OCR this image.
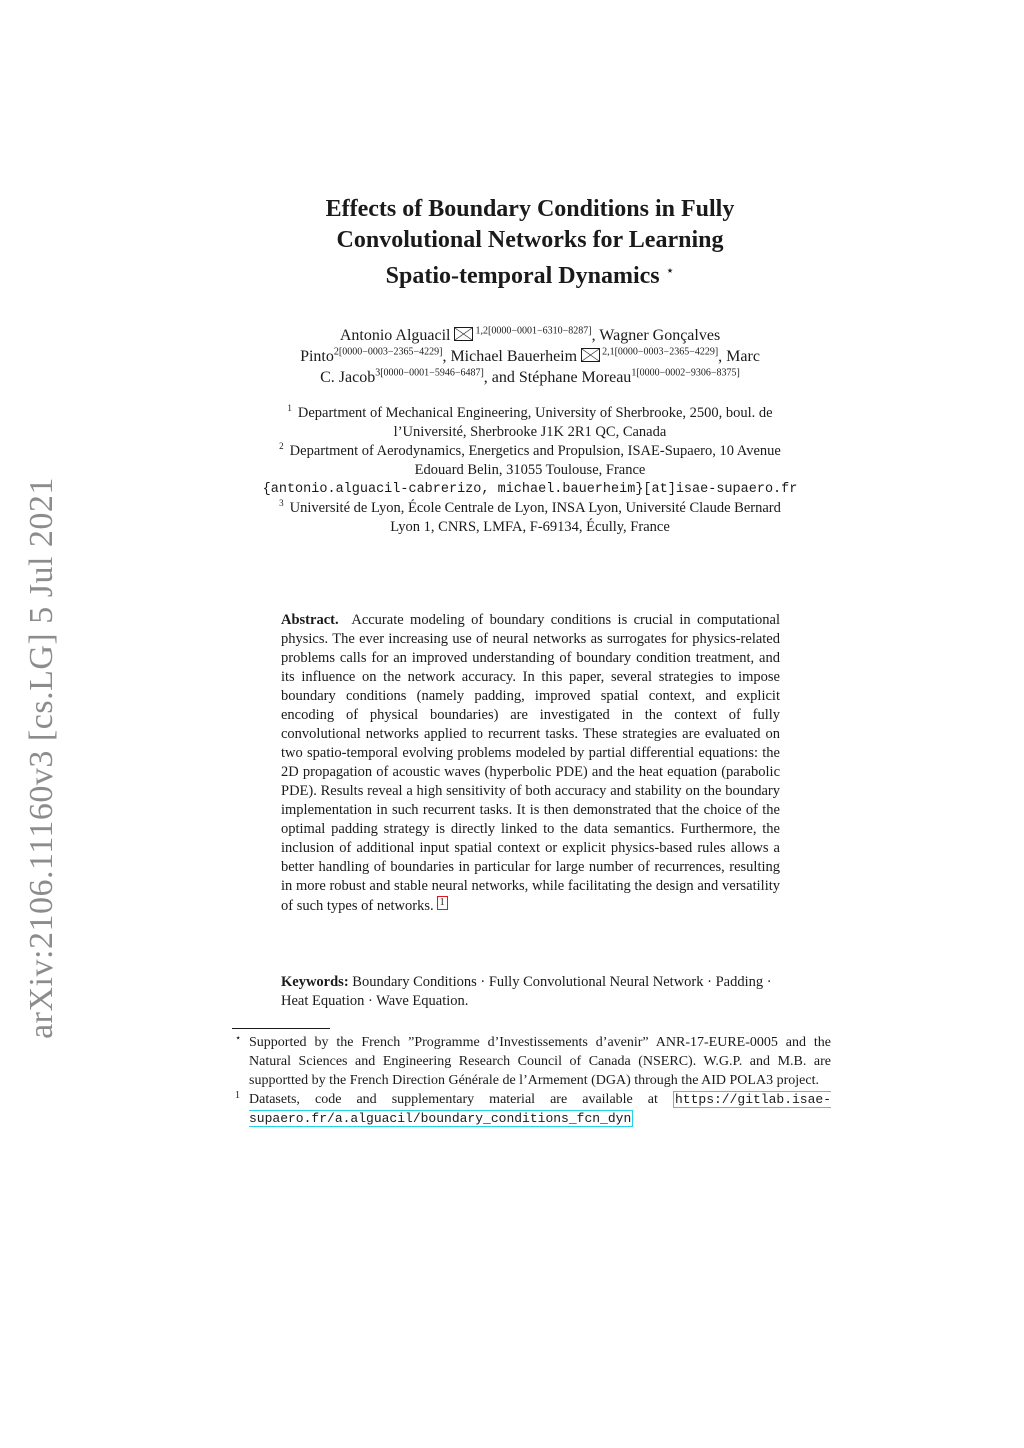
arXiv:2106.11160v3 [cs.LG] 5 Jul 2021
Effects of Boundary Conditions in Fully
Convolutional Networks for Learning
Spatio-temporal Dynamics ⋆
Antonio Alguacil	$^{1,2[0000-0001-6310-8287]}$, Wagner Gonçalves
Pinto$^{2[0000-0003-2365-4229]}$, Michael Bauerheim	$^{2,1[0000-0003-2365-4229]}$, Marc
C. Jacob$^{3[0000-0001-5946-6487]}$, and Stéphane Moreau$^{1[0000-0002-9306-8375]}$
$^1$ Department of Mechanical Engineering, University of Sherbrooke, 2500, boul. de
l’Université, Sherbrooke J1K 2R1 QC, Canada
$^2$ Department of Aerodynamics, Energetics and Propulsion, ISAE-Supaero, 10 Avenue
Edouard Belin, 31055 Toulouse, France
{antonio.alguacil-cabrerizo, michael.bauerheim}[at]isae-supaero.fr
$^3$ Université de Lyon, École Centrale de Lyon, INSA Lyon, Université Claude Bernard
Lyon 1, CNRS, LMFA, F-69134, Écully, France
Abstract. Accurate modeling of boundary conditions is crucial in computational physics. The ever increasing use of neural networks as surrogates for physics-related problems calls for an improved understanding of boundary condition treatment, and its influence on the network accuracy. In this paper, several strategies to impose boundary conditions (namely padding, improved spatial context, and explicit encoding of physical boundaries) are investigated in the context of fully convolutional networks applied to recurrent tasks. These strategies are evaluated on two spatio-temporal evolving problems modeled by partial differential equations: the 2D propagation of acoustic waves (hyperbolic PDE) and the heat equation (parabolic PDE). Results reveal a high sensitivity of both accuracy and stability on the boundary implementation in such recurrent tasks. It is then demonstrated that the choice of the optimal padding strategy is directly linked to the data semantics. Furthermore, the inclusion of additional input spatial context or explicit physics-based rules allows a better handling of boundaries in particular for large number of recurrences, resulting in more robust and stable neural networks, while facilitating the design and versatility of such types of networks. 1
Keywords: Boundary Conditions · Fully Convolutional Neural Network · Padding · Heat Equation · Wave Equation.
⋆ Supported by the French ”Programme d’Investissements d’avenir” ANR-17-EURE-0005 and the Natural Sciences and Engineering Research Council of Canada (NSERC). W.G.P. and M.B. are supportted by the French Direction Générale de l’Armement (DGA) through the AID POLA3 project.
1 Datasets, code and supplementary material are available at https://gitlab.isae-supaero.fr/a.alguacil/boundary_conditions_fcn_dyn
